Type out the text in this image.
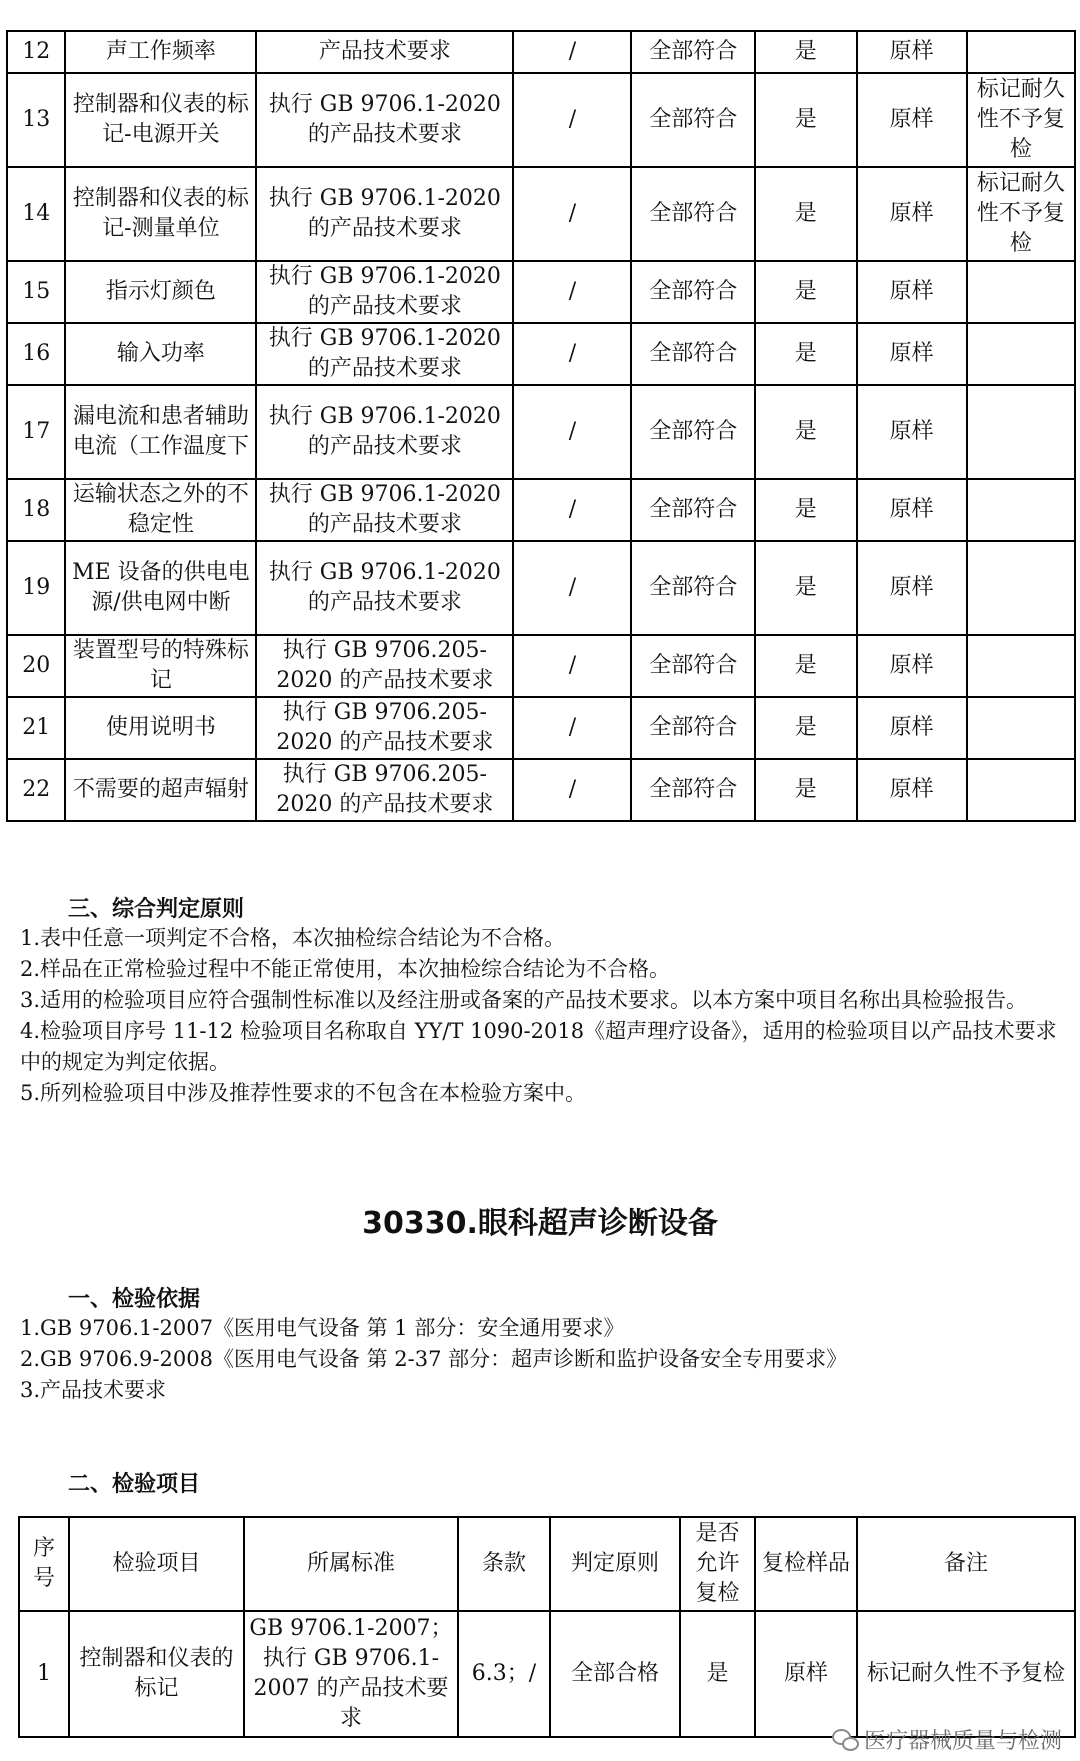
12	声工作频率	产品技术要求	/	全部符合	是	原样	
13	控制器和仪表的标记-电源开关	执行 GB 9706.1-2020 的产品技术要求	/	全部符合	是	原样	标记耐久性不予复检
14	控制器和仪表的标记-测量单位	执行 GB 9706.1-2020 的产品技术要求	/	全部符合	是	原样	标记耐久性不予复检
15	指示灯颜色	执行 GB 9706.1-2020 的产品技术要求	/	全部符合	是	原样	
16	输入功率	执行 GB 9706.1-2020 的产品技术要求	/	全部符合	是	原样	
17	漏电流和患者辅助电流（工作温度下	执行 GB 9706.1-2020 的产品技术要求	/	全部符合	是	原样	
18	运输状态之外的不稳定性	执行 GB 9706.1-2020 的产品技术要求	/	全部符合	是	原样	
19	ME 设备的供电电源/供电网中断	执行 GB 9706.1-2020 的产品技术要求	/	全部符合	是	原样	
20	装置型号的特殊标记	执行 GB 9706.205-2020 的产品技术要求	/	全部符合	是	原样	
21	使用说明书	执行 GB 9706.205-2020 的产品技术要求	/	全部符合	是	原样	
22	不需要的超声辐射	执行 GB 9706.205-2020 的产品技术要求	/	全部符合	是	原样	
三、综合判定原则

1.表中任意一项判定不合格，本次抽检综合结论为不合格。

2.样品在正常检验过程中不能正常使用，本次抽检综合结论为不合格。

3.适用的检验项目应符合强制性标准以及经注册或备案的产品技术要求。以本方案中项目名称出具检验报告。

4.检验项目序号 11-12 检验项目名称取自 YY/T 1090-2018《超声理疗设备》，适用的检验项目以产品技术要求中的规定为判定依据。

5.所列检验项目中涉及推荐性要求的不包含在本检验方案中。

30330.眼科超声诊断设备
一、检验依据

1.GB 9706.1-2007《医用电气设备 第 1 部分：安全通用要求》

2.GB 9706.9-2008《医用电气设备 第 2-37 部分：超声诊断和监护设备安全专用要求》

3.产品技术要求

二、检验项目
序号	检验项目	所属标准	条款	判定原则	是否允许复检	复检样品	备注
1	控制器和仪表的标记	GB 9706.1-2007；执行 GB 9706.1-2007 的产品技术要求	6.3；/	全部合格	是	原样	标记耐久性不予复检
医疗器械质量与检测
